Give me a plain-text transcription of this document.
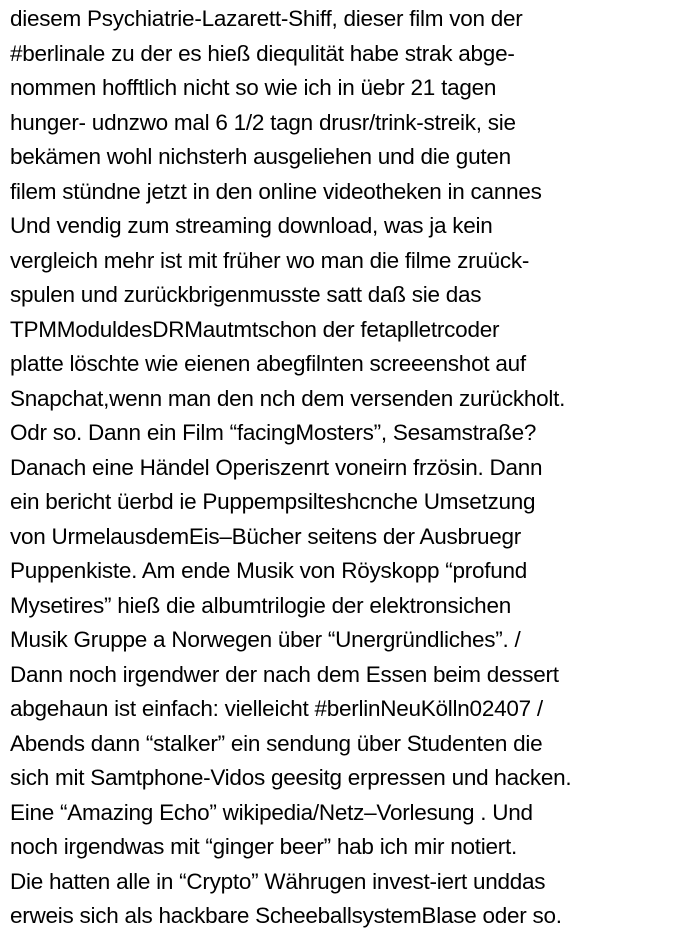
diesem Psychiatrie-Lazarett-Shiff, dieser film von der
#berlinale zu der es hieß diequlität habe strak abge-
nommen hofftlich nicht so wie ich in üebr 21 tagen
hunger- udnzwo mal 6 1/2 tagn drusr/trink-streik, sie
bekämen wohl nichsterh ausgeliehen und die guten
filem stündne jetzt in den online videotheken in cannes
Und vendig zum streaming download, was ja kein
vergleich mehr ist mit früher wo man die filme zruück-
spulen und zurückbrigenmusste satt daß sie das
TPMModuldesDRMautmtschon der fetaplletrcoder
platte löschte wie eienen abegfilnten screeenshot auf
Snapchat,wenn man den nch dem versenden zurückholt.
Odr so. Dann ein Film “facingMosters”, Sesamstraße?
Danach eine Händel Operiszenrt voneirn frzösin. Dann
ein bericht üerbd ie Puppempsilteshcnche Umsetzung
von UrmelausdemEis–Bücher seitens der Ausbruegr
Puppenkiste. Am ende Musik von Röyskopp “profund
Mysetires” hieß die albumtrilogie der elektronsichen
Musik Gruppe a Norwegen über “Unergründliches”. /
Dann noch irgendwer der nach dem Essen beim dessert
abgehaun ist einfach: vielleicht #berlinNeuKölln02407 /
Abends dann “stalker” ein sendung über Studenten die
sich mit Samtphone-Vidos geesitg erpressen und hacken.
Eine “Amazing Echo” wikipedia/Netz–Vorlesung . Und
noch irgendwas mit “ginger beer” hab ich mir notiert.
Die hatten alle in “Crypto” Währugen invest-iert unddas
erweis sich als hackbare ScheeballsystemBlase oder so.
